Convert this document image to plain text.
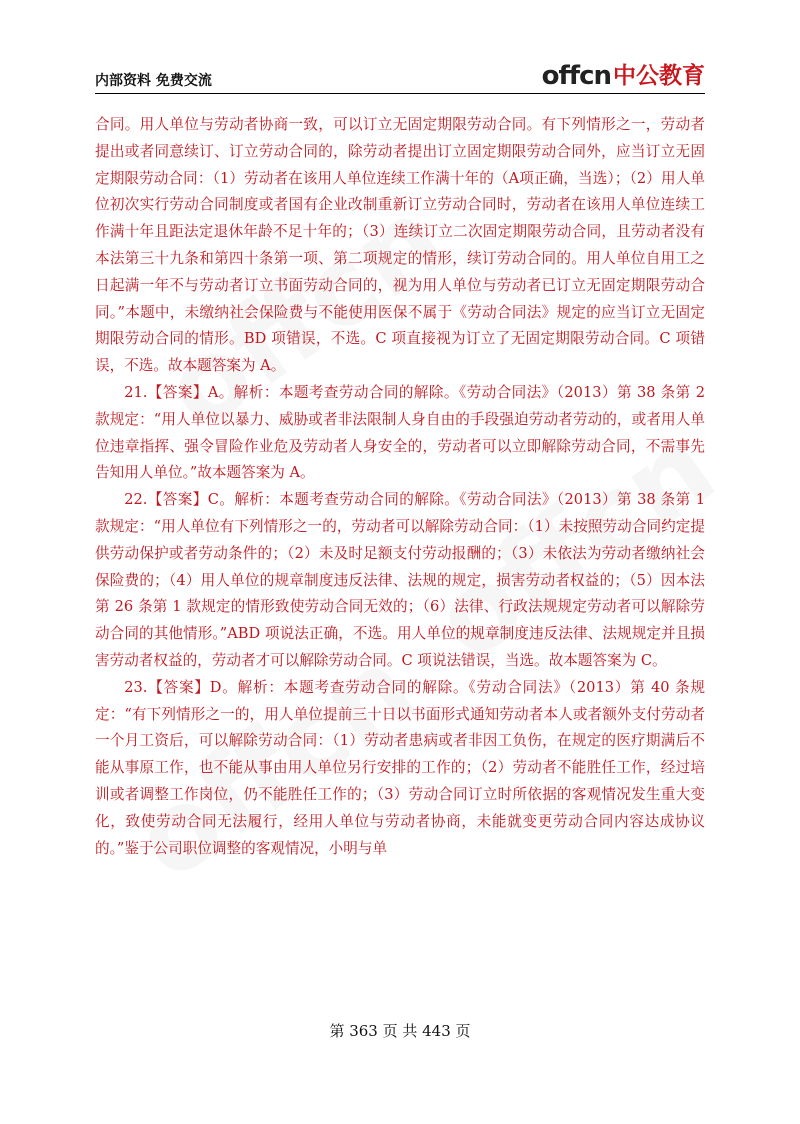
内部资料 免费交流	offcn 中公教育

合同。用人单位与劳动者协商一致，可以订立无固定期限劳动合同。有下列情形之一，劳动者提出或者同意续订、订立劳动合同的，除劳动者提出订立固定期限劳动合同外，应当订立无固定期限劳动合同：（1）劳动者在该用人单位连续工作满十年的（A项正确，当选）；（2）用人单位初次实行劳动合同制度或者国有企业改制重新订立劳动合同时，劳动者在该用人单位连续工作满十年且距法定退休年龄不足十年的；（3）连续订立二次固定期限劳动合同，且劳动者没有本法第三十九条和第四十条第一项、第二项规定的情形，续订劳动合同的。用人单位自用工之日起满一年不与劳动者订立书面劳动合同的，视为用人单位与劳动者已订立无固定期限劳动合同。”本题中，未缴纳社会保险费与不能使用医保不属于《劳动合同法》规定的应当订立无固定期限劳动合同的情形。BD 项错误，不选。C 项直接视为订立了无固定期限劳动合同。C 项错误，不选。故本题答案为 A。

21.【答案】A。解析：本题考查劳动合同的解除。《劳动合同法》（2013）第 38 条第 2 款规定：“用人单位以暴力、威胁或者非法限制人身自由的手段强迫劳动者劳动的，或者用人单位违章指挥、强令冒险作业危及劳动者人身安全的，劳动者可以立即解除劳动合同，不需事先告知用人单位。”故本题答案为 A。

22.【答案】C。解析：本题考查劳动合同的解除。《劳动合同法》（2013）第 38 条第 1 款规定：“用人单位有下列情形之一的，劳动者可以解除劳动合同：（1）未按照劳动合同约定提供劳动保护或者劳动条件的；（2）未及时足额支付劳动报酬的；（3）未依法为劳动者缴纳社会保险费的；（4）用人单位的规章制度违反法律、法规的规定，损害劳动者权益的；（5）因本法第 26 条第 1 款规定的情形致使劳动合同无效的；（6）法律、行政法规规定劳动者可以解除劳动合同的其他情形。”ABD 项说法正确，不选。用人单位的规章制度违反法律、法规规定并且损害劳动者权益的，劳动者才可以解除劳动合同。C 项说法错误，当选。故本题答案为 C。

23.【答案】D。解析：本题考查劳动合同的解除。《劳动合同法》（2013）第 40 条规定：“有下列情形之一的，用人单位提前三十日以书面形式通知劳动者本人或者额外支付劳动者一个月工资后，可以解除劳动合同：（1）劳动者患病或者非因工负伤，在规定的医疗期满后不能从事原工作，也不能从事由用人单位另行安排的工作的；（2）劳动者不能胜任工作，经过培训或者调整工作岗位，仍不能胜任工作的；（3）劳动合同订立时所依据的客观情况发生重大变化，致使劳动合同无法履行，经用人单位与劳动者协商，未能就变更劳动合同内容达成协议的。”鉴于公司职位调整的客观情况，小明与单

第 363 页 共 443 页
